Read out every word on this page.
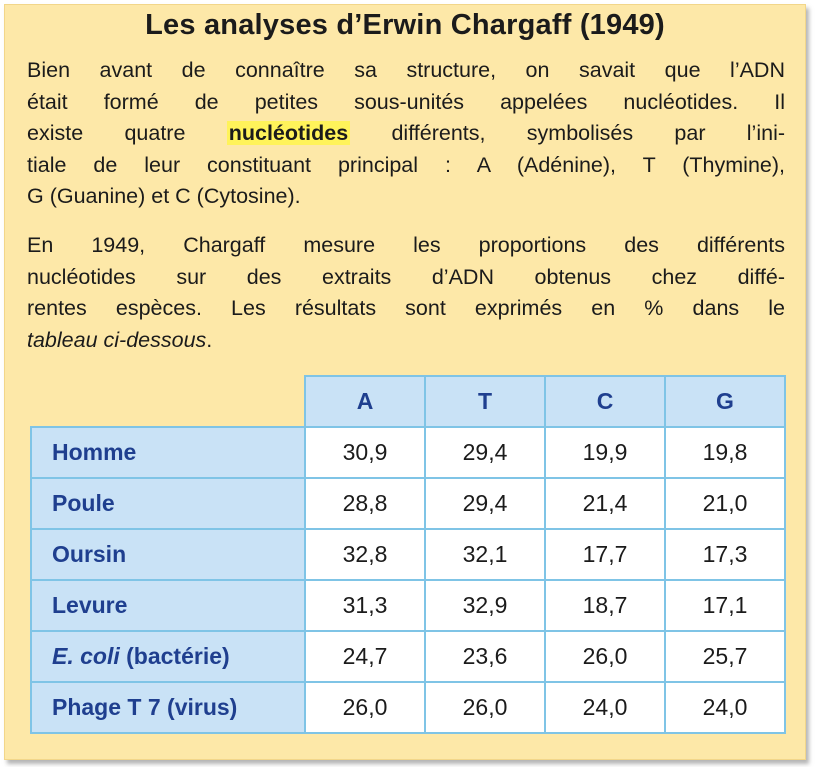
Les analyses d’Erwin Chargaff (1949)
Bien avant de connaître sa structure, on savait que l’ADN
était formé de petites sous-unités appelées nucléotides. Il
existe quatre nucléotides différents, symbolisés par l’ini-
tiale de leur constituant principal : A (Adénine), T (Thymine),
G (Guanine) et C (Cytosine).
En 1949, Chargaff mesure les proportions des différents
nucléotides sur des extraits d’ADN obtenus chez diffé-
rentes espèces. Les résultats sont exprimés en % dans le
tableau ci-dessous.
	A	T	C	G
Homme	30,9	29,4	19,9	19,8
Poule	28,8	29,4	21,4	21,0
Oursin	32,8	32,1	17,7	17,3
Levure	31,3	32,9	18,7	17,1
E. coli (bactérie)	24,7	23,6	26,0	25,7
Phage T 7 (virus)	26,0	26,0	24,0	24,0
